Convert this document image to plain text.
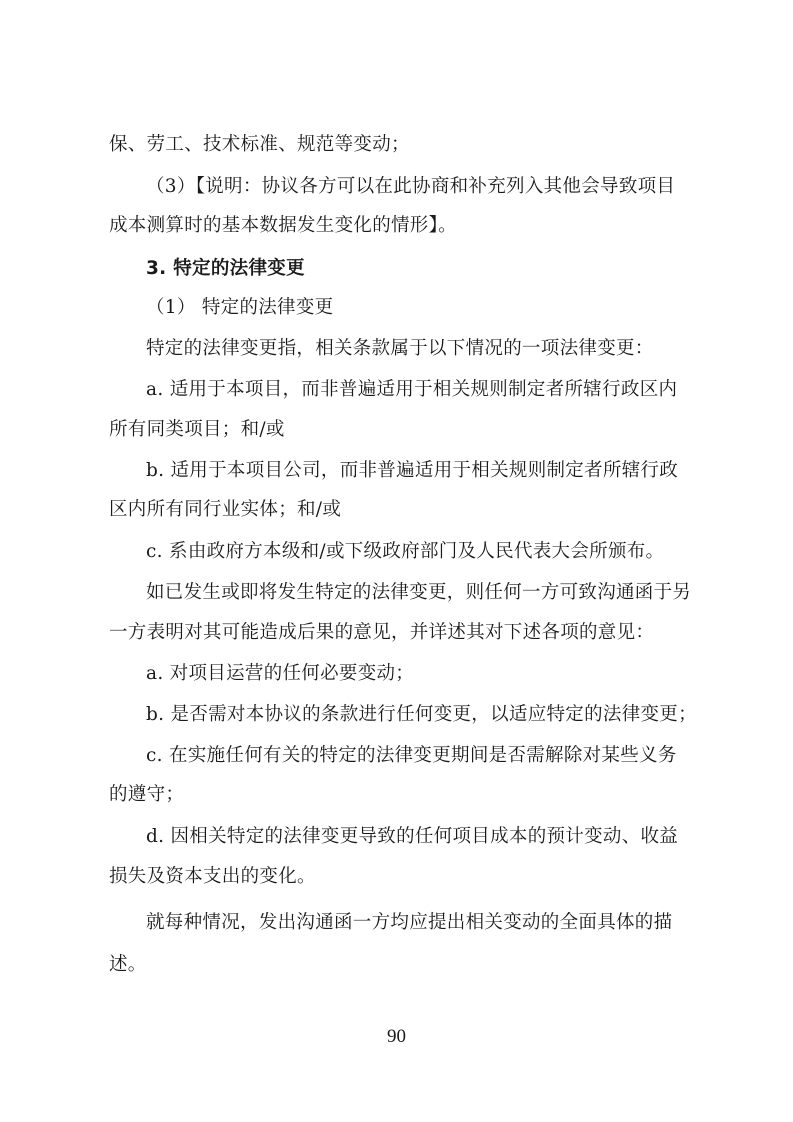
保、劳工、技术标准、规范等变动；
（3）【说明：协议各方可以在此协商和补充列入其他会导致项目
成本测算时的基本数据发生变化的情形】。
3. 特定的法律变更
（1） 特定的法律变更
特定的法律变更指，相关条款属于以下情况的一项法律变更：
a. 适用于本项目，而非普遍适用于相关规则制定者所辖行政区内
所有同类项目；和/或
b. 适用于本项目公司，而非普遍适用于相关规则制定者所辖行政
区内所有同行业实体；和/或
c. 系由政府方本级和/或下级政府部门及人民代表大会所颁布。
如已发生或即将发生特定的法律变更，则任何一方可致沟通函于另
一方表明对其可能造成后果的意见，并详述其对下述各项的意见：
a. 对项目运营的任何必要变动；
b. 是否需对本协议的条款进行任何变更，以适应特定的法律变更；
c. 在实施任何有关的特定的法律变更期间是否需解除对某些义务
的遵守；
d. 因相关特定的法律变更导致的任何项目成本的预计变动、收益
损失及资本支出的变化。
就每种情况，发出沟通函一方均应提出相关变动的全面具体的描
述。
90
